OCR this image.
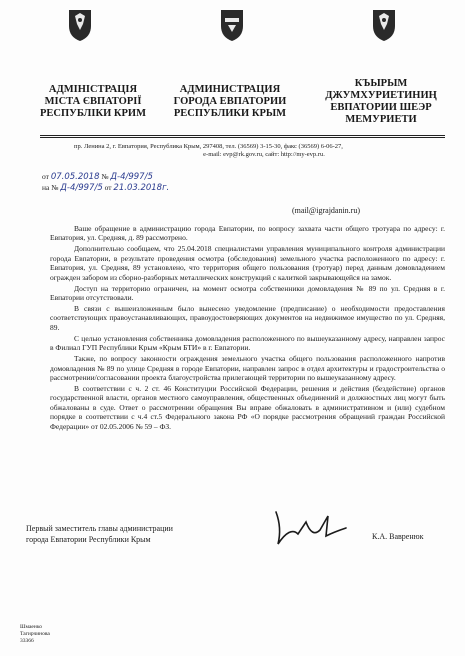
АДМІНІСТРАЦІЯ
МІСТА ЄВПАТОРІЇ
РЕСПУБЛІКИ КРИМ
АДМИНИСТРАЦИЯ
ГОРОДА ЕВПАТОРИИ
РЕСПУБЛИКИ КРЫМ
КЪЫРЫМ
ДЖУМХУРИЕТИНИҢ
ЕВПАТОРИИ ШЕЭР
МЕМУРИЕТИ
пр. Ленина 2, г. Евпатория, Республика Крым, 297408, тел. (36569) 3-15-30, факс (36569) 6-06-27,
e-mail: evp@rk.gov.ru, сайт: http://my-evp.ru.
от 07.05.2018 № Д-4/997/5
на № Д-4/997/5 от 21.03.2018г.
(mail@igrajdanin.ru)

Ваше обращение в администрацию города Евпатории, по вопросу захвата части общего тротуара по адресу: г. Евпатория, ул. Средняя, д. 89 рассмотрено.

Дополнительно сообщаем, что 25.04.2018 специалистами управления муниципального контроля администрации города Евпатории, в результате проведения осмотра (обследования) земельного участка расположенного по адресу: г. Евпатория, ул. Средняя, 89 установлено, что территория общего пользования (тротуар) перед данным домовладением огражден забором из сборно-разборных металлических конструкций с калиткой закрывающейся на замок.

Доступ на территорию ограничен, на момент осмотра собственники домовладения № 89 по ул. Средняя в г. Евпатории отсутствовали.

В связи с вышеизложенным было вынесено уведомление (предписание) о необходимости предоставления соответствующих правоустанавливающих, правоудостоверяющих документов на недвижимое имущество по ул. Средняя, 89.

С целью установления собственника домовладения расположенного по вышеуказанному адресу, направлен запрос в Филиал ГУП Республики Крым «Крым БТИ» в г. Евпатории.

Также, по вопросу законности ограждения земельного участка общего пользования расположенного напротив домовладения № 89 по улице Средняя в городе Евпатории, направлен запрос в отдел архитектуры и градостроительства о рассмотрении/согласовании проекта благоустройства прилегающей территории по вышеуказанному адресу.

В соответствии с ч. 2 ст. 46 Конституции Российской Федерации, решения и действия (бездействие) органов государственной власти, органов местного самоуправления, общественных объединений и должностных лиц могут быть обжалованы в суде. Ответ о рассмотрении обращения Вы вправе обжаловать в административном и (или) судебном порядке в соответствии с ч.4 ст.5 Федерального закона РФ «О порядке рассмотрения обращений граждан Российской Федерации» от 02.05.2006 № 59 – ФЗ.

Первый заместитель главы администрации
города Евпатории Республики Крым	К.А. Вавренюк
Шмаенко
Тагирчинова
33366
